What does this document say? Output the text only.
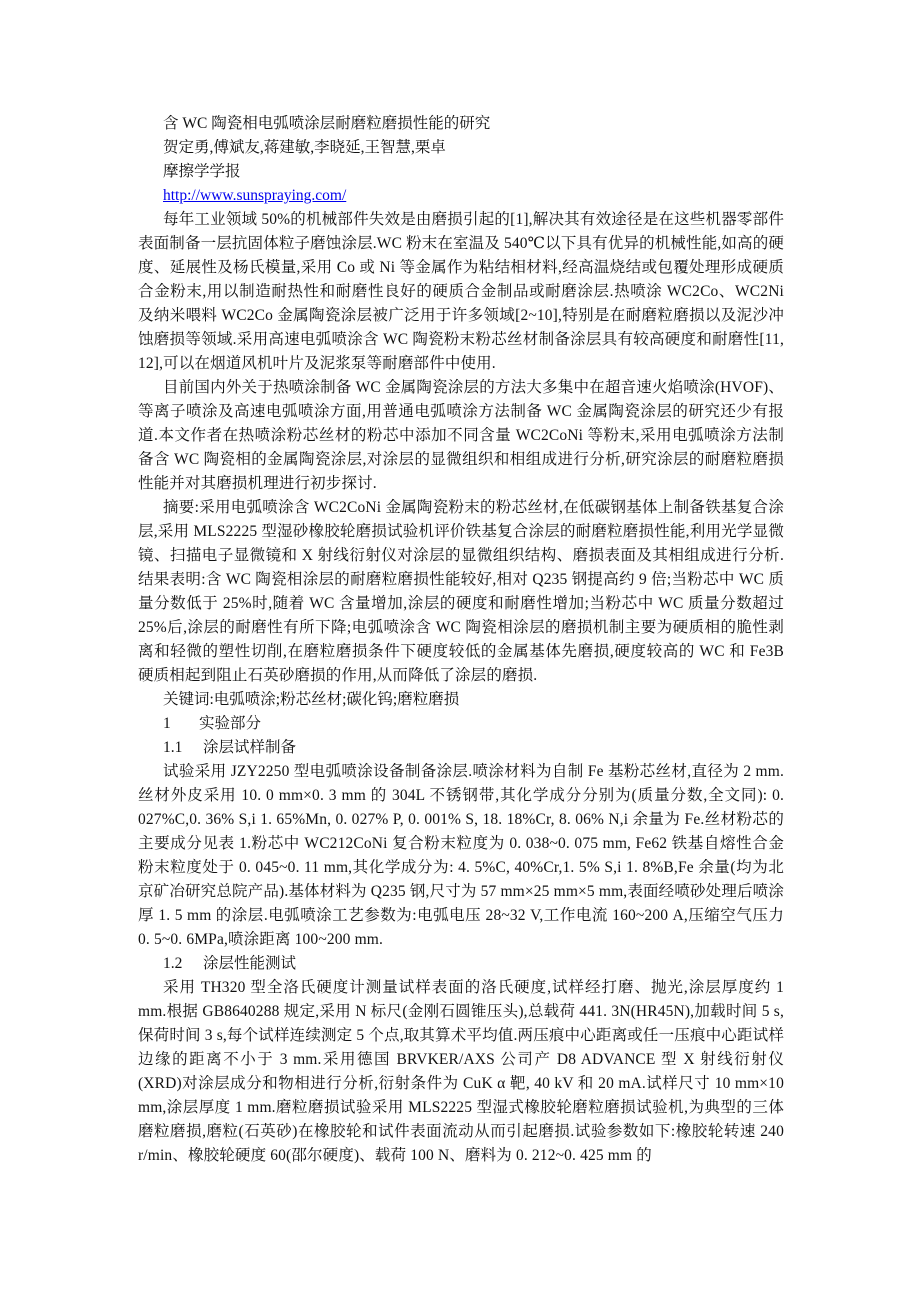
含 WC 陶瓷相电弧喷涂层耐磨粒磨损性能的研究

贺定勇,傅斌友,蒋建敏,李晓延,王智慧,栗卓

摩擦学学报

http://www.sunspraying.com/

每年工业领域 50%的机械部件失效是由磨损引起的[1],解决其有效途径是在这些机器零部件表面制备一层抗固体粒子磨蚀涂层.WC 粉末在室温及 540℃以下具有优异的机械性能,如高的硬度、延展性及杨氏模量,采用 Co 或 Ni 等金属作为粘结相材料,经高温烧结或包覆处理形成硬质合金粉末,用以制造耐热性和耐磨性良好的硬质合金制品或耐磨涂层.热喷涂 WC2Co、WC2Ni 及纳米喂料 WC2Co 金属陶瓷涂层被广泛用于许多领域[2~10],特别是在耐磨粒磨损以及泥沙冲蚀磨损等领域.采用高速电弧喷涂含 WC 陶瓷粉末粉芯丝材制备涂层具有较高硬度和耐磨性[11, 12],可以在烟道风机叶片及泥浆泵等耐磨部件中使用.

目前国内外关于热喷涂制备 WC 金属陶瓷涂层的方法大多集中在超音速火焰喷涂(HVOF)、等离子喷涂及高速电弧喷涂方面,用普通电弧喷涂方法制备 WC 金属陶瓷涂层的研究还少有报道.本文作者在热喷涂粉芯丝材的粉芯中添加不同含量 WC2CoNi 等粉末,采用电弧喷涂方法制备含 WC 陶瓷相的金属陶瓷涂层,对涂层的显微组织和相组成进行分析,研究涂层的耐磨粒磨损性能并对其磨损机理进行初步探讨.

摘要:采用电弧喷涂含 WC2CoNi 金属陶瓷粉末的粉芯丝材,在低碳钢基体上制备铁基复合涂层,采用 MLS2225 型湿砂橡胶轮磨损试验机评价铁基复合涂层的耐磨粒磨损性能,利用光学显微镜、扫描电子显微镜和 X 射线衍射仪对涂层的显微组织结构、磨损表面及其相组成进行分析.结果表明:含 WC 陶瓷相涂层的耐磨粒磨损性能较好,相对 Q235 钢提高约 9 倍;当粉芯中 WC 质量分数低于 25%时,随着 WC 含量增加,涂层的硬度和耐磨性增加;当粉芯中 WC 质量分数超过 25%后,涂层的耐磨性有所下降;电弧喷涂含 WC 陶瓷相涂层的磨损机制主要为硬质相的脆性剥离和轻微的塑性切削,在磨粒磨损条件下硬度较低的金属基体先磨损,硬度较高的 WC 和 Fe3B 硬质相起到阻止石英砂磨损的作用,从而降低了涂层的磨损.

关键词:电弧喷涂;粉芯丝材;碳化钨;磨粒磨损

1 实验部分

1.1 涂层试样制备

试验采用 JZY2250 型电弧喷涂设备制备涂层.喷涂材料为自制 Fe 基粉芯丝材,直径为 2 mm.丝材外皮采用 10. 0 mm×0. 3 mm 的 304L 不锈钢带,其化学成分分别为(质量分数,全文同): 0. 027%C,0. 36% S,i 1. 65%Mn, 0. 027% P, 0. 001% S, 18. 18%Cr, 8. 06% N,i 余量为 Fe.丝材粉芯的主要成分见表 1.粉芯中 WC212CoNi 复合粉末粒度为 0. 038~0. 075 mm, Fe62 铁基自熔性合金粉末粒度处于 0. 045~0. 11 mm,其化学成分为: 4. 5%C, 40%Cr,1. 5% S,i 1. 8%B,Fe 余量(均为北京矿冶研究总院产品).基体材料为 Q235 钢,尺寸为 57 mm×25 mm×5 mm,表面经喷砂处理后喷涂厚 1. 5 mm 的涂层.电弧喷涂工艺参数为:电弧电压 28~32 V,工作电流 160~200 A,压缩空气压力 0. 5~0. 6MPa,喷涂距离 100~200 mm.

1.2 涂层性能测试

采用 TH320 型全洛氏硬度计测量试样表面的洛氏硬度,试样经打磨、抛光,涂层厚度约 1 mm.根据 GB8640288 规定,采用 N 标尺(金刚石圆锥压头),总载荷 441. 3N(HR45N),加载时间 5 s,保荷时间 3 s,每个试样连续测定 5 个点,取其算术平均值.两压痕中心距离或任一压痕中心距试样边缘的距离不小于 3 mm.采用德国 BRVKER/AXS 公司产 D8 ADVANCE 型 X 射线衍射仪(XRD)对涂层成分和物相进行分析,衍射条件为 CuK α 靶, 40 kV 和 20 mA.试样尺寸 10 mm×10 mm,涂层厚度 1 mm.磨粒磨损试验采用 MLS2225 型湿式橡胶轮磨粒磨损试验机,为典型的三体磨粒磨损,磨粒(石英砂)在橡胶轮和试件表面流动从而引起磨损.试验参数如下:橡胶轮转速 240 r/min、橡胶轮硬度 60(邵尔硬度)、载荷 100 N、磨料为 0. 212~0. 425 mm 的
